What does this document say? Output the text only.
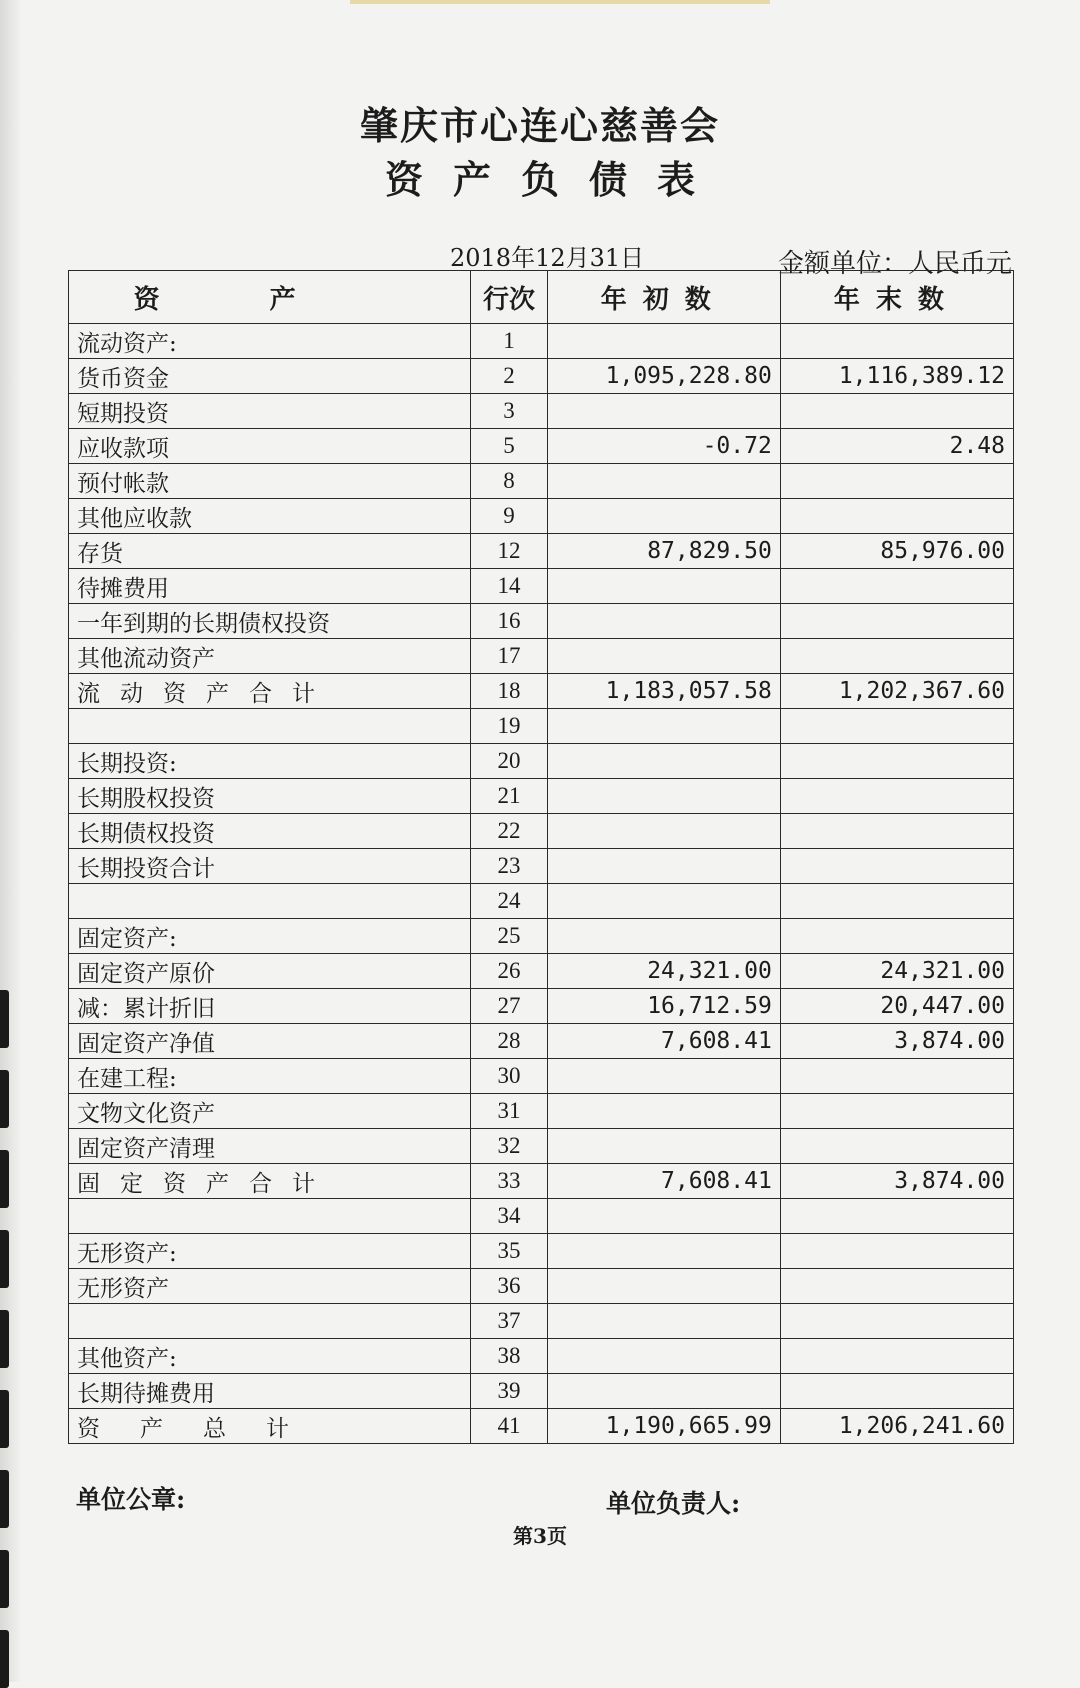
肇庆市心连心慈善会
资产负债表
2018年12月31日	金额单位：人民币元
资产	行次	年初数	年末数
流动资产:	1		
货币资金	2	1,095,228.80	1,116,389.12
短期投资	3		
应收款项	5	-0.72	2.48
预付帐款	8		
其他应收款	9		
存货	12	87,829.50	85,976.00
待摊费用	14		
一年到期的长期债权投资	16		
其他流动资产	17		
流动资产合计	18	1,183,057.58	1,202,367.60
	19		
长期投资:	20		
长期股权投资	21		
长期债权投资	22		
长期投资合计	23		
	24		
固定资产:	25		
固定资产原价	26	24,321.00	24,321.00
减：累计折旧	27	16,712.59	20,447.00
固定资产净值	28	7,608.41	3,874.00
在建工程:	30		
文物文化资产	31		
固定资产清理	32		
固定资产合计	33	7,608.41	3,874.00
	34		
无形资产:	35		
无形资产	36		
	37		
其他资产:	38		
长期待摊费用	39		
资产总计	41	1,190,665.99	1,206,241.60
单位公章:	单位负责人:
第3页
